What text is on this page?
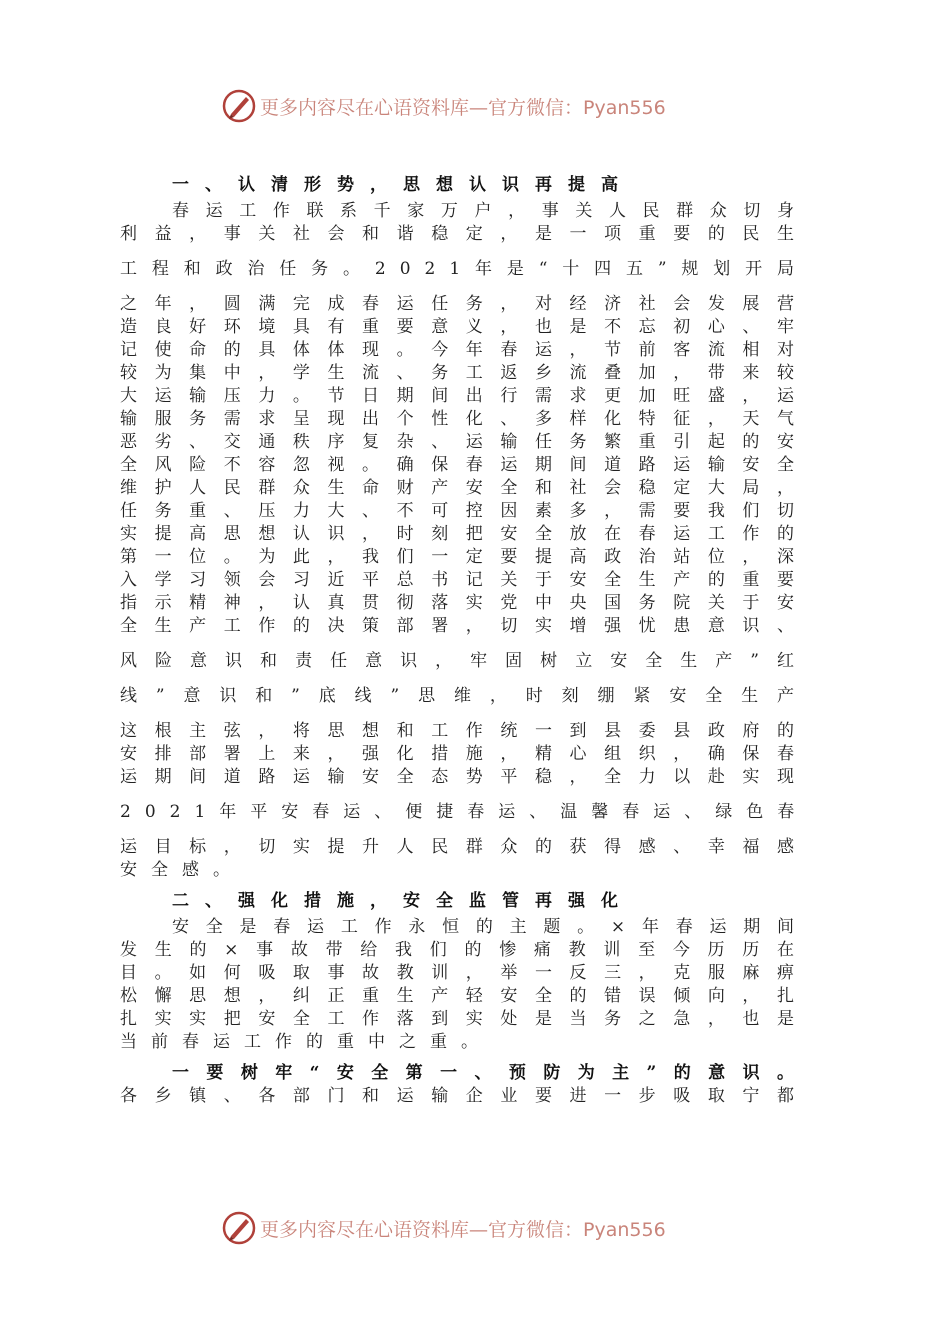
更多内容尽在心语资料库—官方微信：Pyan556
一、认清形势，思想认识再提高
春运工作联系千家万户，事关人民群众切身
利益，事关社会和谐稳定，是一项重要的民生
工程和政治任务。2021年是“十四五”规划开局
之年，圆满完成春运任务，对经济社会发展营
造良好环境具有重要意义，也是不忘初心、牢
记使命的具体体现。今年春运，节前客流相对
较为集中，学生流、务工返乡流叠加，带来较
大运输压力。节日期间出行需求更加旺盛，运
输服务需求呈现出个性化、多样化特征，天气
恶劣、交通秩序复杂、运输任务繁重引起的安
全风险不容忽视。确保春运期间道路运输安全
维护人民群众生命财产安全和社会稳定大局，
任务重、压力大、不可控因素多，需要我们切
实提高思想认识，时刻把安全放在春运工作的
第一位。为此，我们一定要提高政治站位，深
入学习领会习近平总书记关于安全生产的重要
指示精神，认真贯彻落实党中央国务院关于安
全生产工作的决策部署，切实增强忧患意识、
风险意识和责任意识，牢固树立安全生产”红
线”意识和”底线”思维，时刻绷紧安全生产
这根主弦，将思想和工作统一到县委县政府的
安排部署上来，强化措施，精心组织，确保春
运期间道路运输安全态势平稳，全力以赴实现
2021年平安春运、便捷春运、温馨春运、绿色春
运目标，切实提升人民群众的获得感、幸福感
安全感。
二、强化措施，安全监管再强化
安全是春运工作永恒的主题。×年春运期间
发生的×事故带给我们的惨痛教训至今历历在
目。如何吸取事故教训，举一反三，克服麻痹
松懈思想，纠正重生产轻安全的错误倾向，扎
扎实实把安全工作落到实处是当务之急，也是
当前春运工作的重中之重。
一要树牢“安全第一、预防为主”的意识。
各乡镇、各部门和运输企业要进一步吸取宁都
更多内容尽在心语资料库—官方微信：Pyan556
